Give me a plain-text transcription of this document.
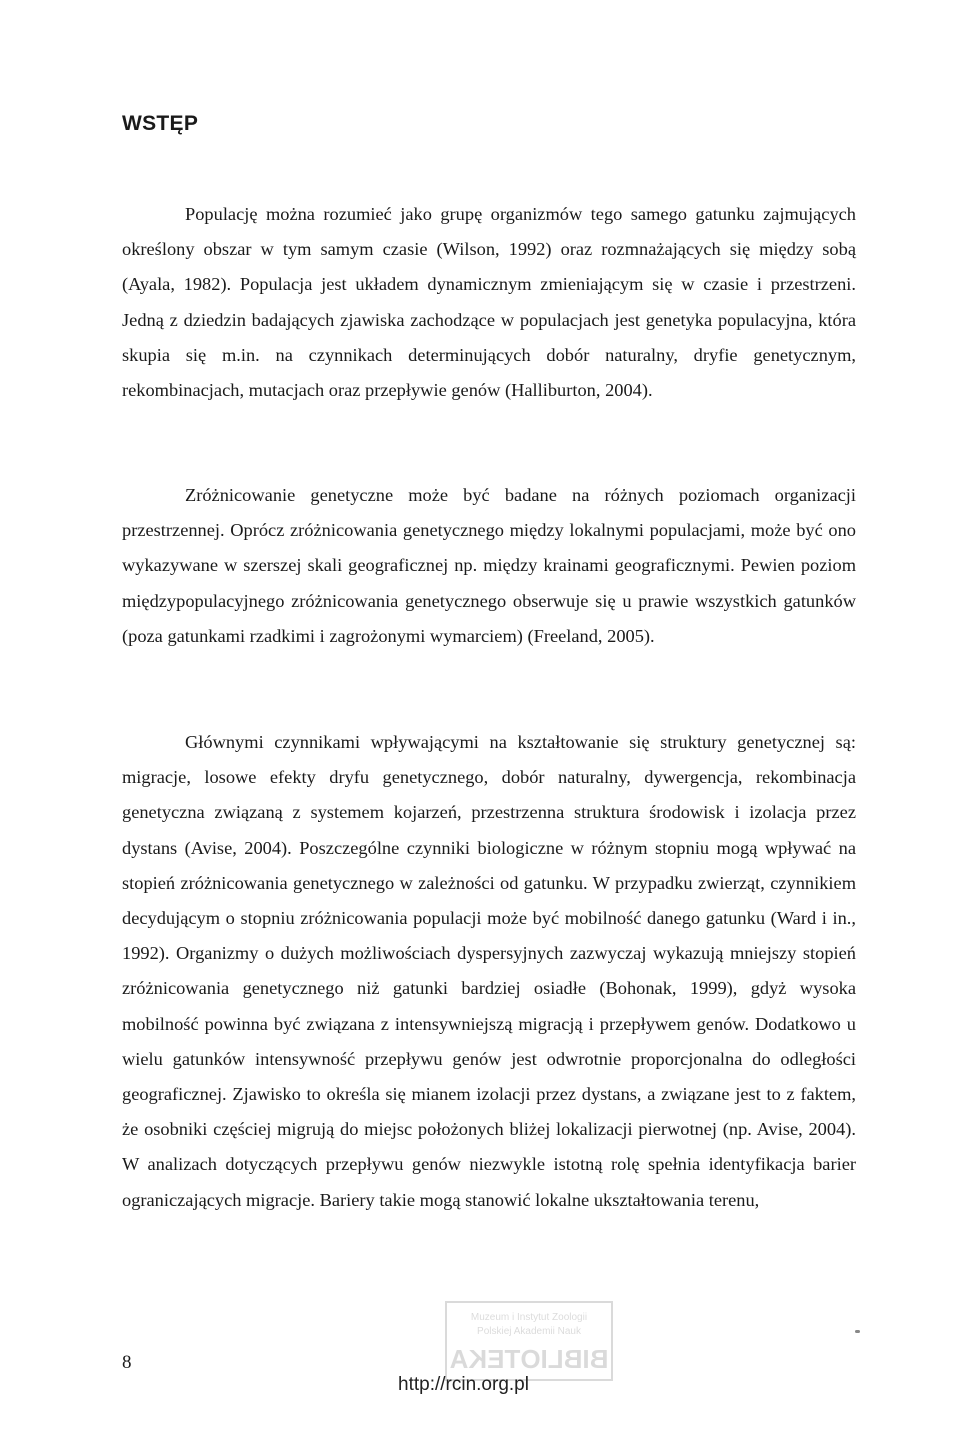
WSTĘP

Populację można rozumieć jako grupę organizmów tego samego gatunku zajmujących określony obszar w tym samym czasie (Wilson, 1992) oraz rozmnażających się między sobą (Ayala, 1982). Populacja jest układem dynamicznym zmieniającym się w czasie i przestrzeni. Jedną z dziedzin badających zjawiska zachodzące w populacjach jest genetyka populacyjna, która skupia się m.in. na czynnikach determinujących dobór naturalny, dryfie genetycznym, rekombinacjach, mutacjach oraz przepływie genów (Halliburton, 2004).

Zróżnicowanie genetyczne może być badane na różnych poziomach organizacji przestrzennej. Oprócz zróżnicowania genetycznego między lokalnymi populacjami, może być ono wykazywane w szerszej skali geograficznej np. między krainami geograficznymi. Pewien poziom międzypopulacyjnego zróżnicowania genetycznego obserwuje się u prawie wszystkich gatunków (poza gatunkami rzadkimi i zagrożonymi wymarciem) (Freeland, 2005).

Głównymi czynnikami wpływającymi na kształtowanie się struktury genetycznej są: migracje, losowe efekty dryfu genetycznego, dobór naturalny, dywergencja, rekombinacja genetyczna związaną z systemem kojarzeń, przestrzenna struktura środowisk i izolacja przez dystans (Avise, 2004). Poszczególne czynniki biologiczne w różnym stopniu mogą wpływać na stopień zróżnicowania genetycznego w zależności od gatunku. W przypadku zwierząt, czynnikiem decydującym o stopniu zróżnicowania populacji może być mobilność danego gatunku (Ward i in., 1992). Organizmy o dużych możliwościach dyspersyjnych zazwyczaj wykazują mniejszy stopień zróżnicowania genetycznego niż gatunki bardziej osiadłe (Bohonak, 1999), gdyż wysoka mobilność powinna być związana z intensywniejszą migracją i przepływem genów. Dodatkowo u wielu gatunków intensywność przepływu genów jest odwrotnie proporcjonalna do odległości geograficznej. Zjawisko to określa się mianem izolacji przez dystans, a związane jest to z faktem, że osobniki częściej migrują do miejsc położonych bliżej lokalizacji pierwotnej (np. Avise, 2004). W analizach dotyczących przepływu genów niezwykle istotną rolę spełnia identyfikacja barier ograniczających migracje. Bariery takie mogą stanowić lokalne ukształtowania terenu,

Muzeum i Instytut Zoologii
Polskiej Akademii Nauk
BIBLIOTEKA
8
http://rcin.org.pl
